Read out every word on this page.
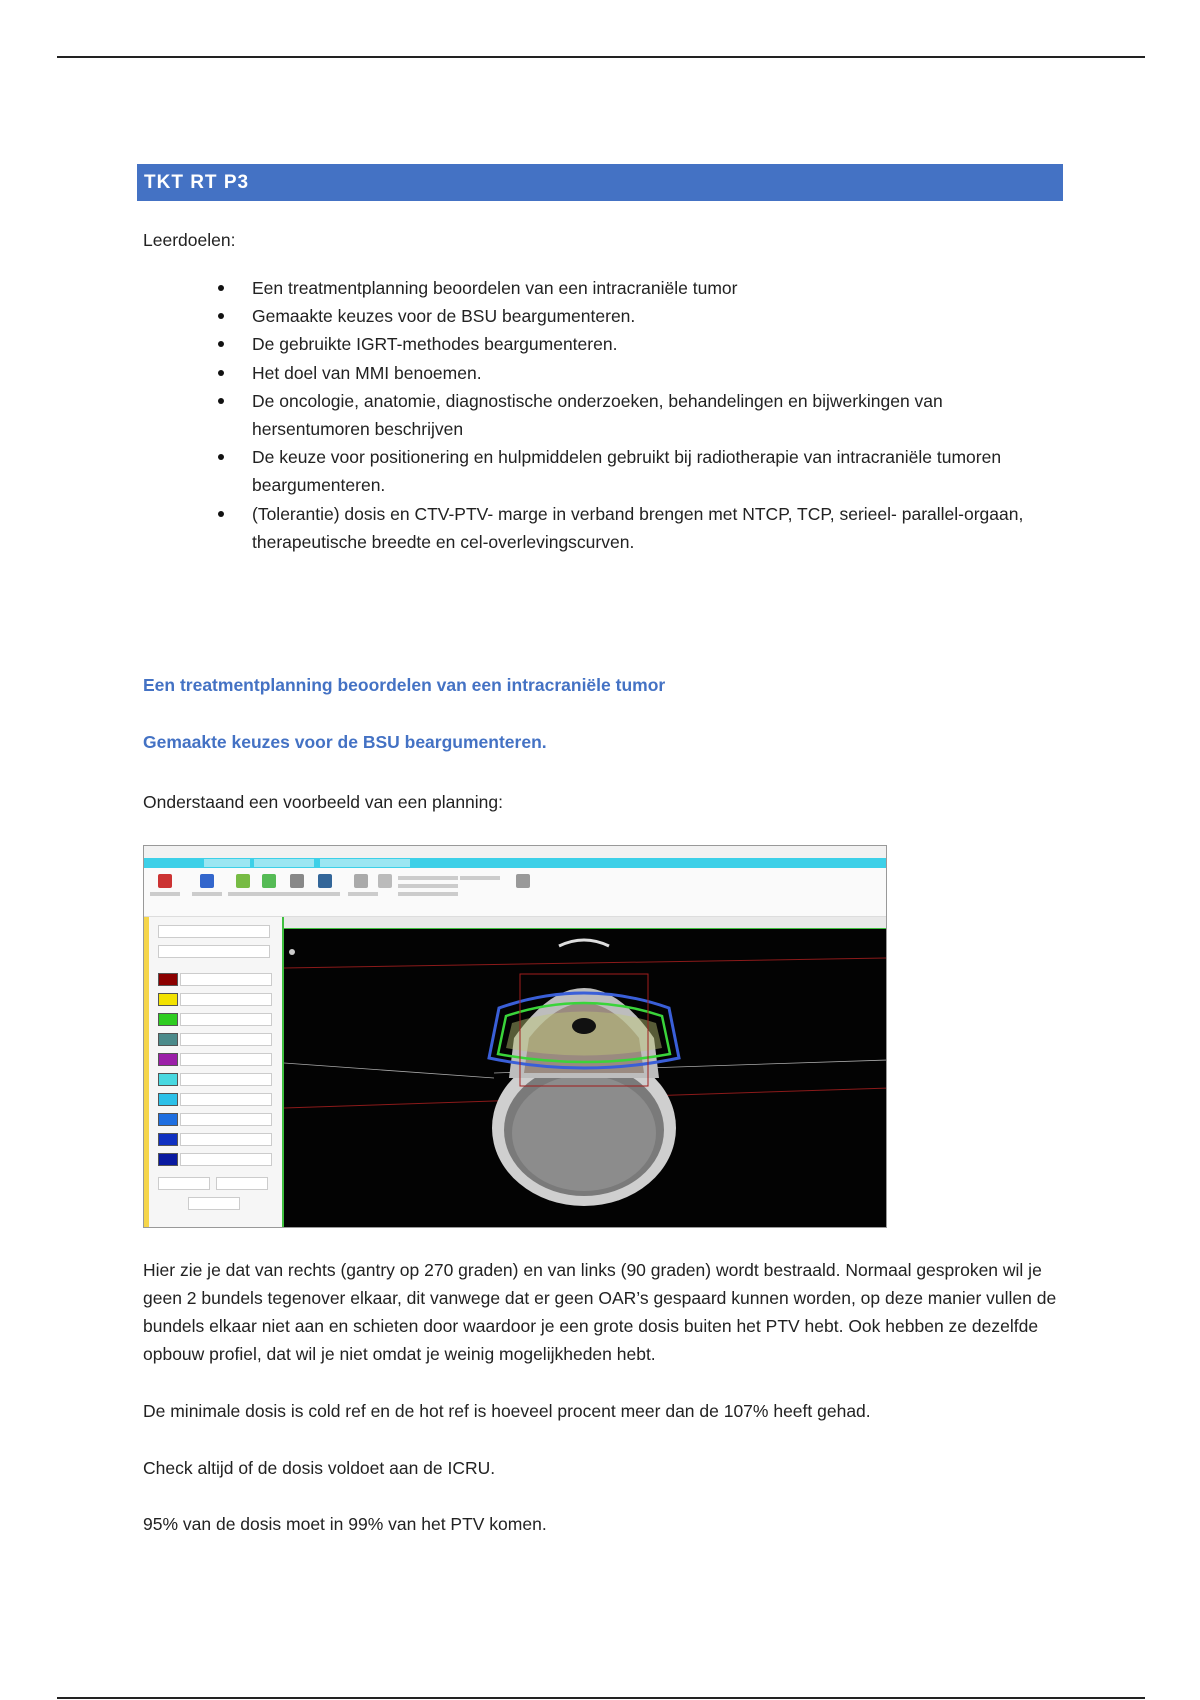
TKT RT P3
Leerdoelen:
Een treatmentplanning beoordelen van een intracraniële tumor
Gemaakte keuzes voor de BSU beargumenteren.
De gebruikte IGRT-methodes beargumenteren.
Het doel van MMI benoemen.
De oncologie, anatomie, diagnostische onderzoeken, behandelingen en bijwerkingen van hersentumoren beschrijven
De keuze voor positionering en hulpmiddelen gebruikt bij radiotherapie van intracraniële tumoren beargumenteren.
(Tolerantie) dosis en CTV-PTV- marge in verband brengen met NTCP, TCP, serieel- parallel-orgaan, therapeutische breedte en cel-overlevingscurven.
Een treatmentplanning beoordelen van een intracraniële tumor
Gemaakte keuzes voor de BSU beargumenteren.
Onderstaand een voorbeeld van een planning:
Hier zie je dat van rechts (gantry op 270 graden) en van links (90 graden) wordt bestraald. Normaal gesproken wil je geen 2 bundels tegenover elkaar, dit vanwege dat er geen OAR’s gespaard kunnen worden, op deze manier vullen de bundels elkaar niet aan en schieten door waardoor je een grote dosis buiten het PTV hebt. Ook hebben ze dezelfde opbouw profiel, dat wil je niet omdat je weinig mogelijkheden hebt.
De minimale dosis is cold ref en de hot ref is hoeveel procent meer dan de 107% heeft gehad.
Check altijd of de dosis voldoet aan de ICRU.
95% van de dosis moet in 99% van het PTV komen.
